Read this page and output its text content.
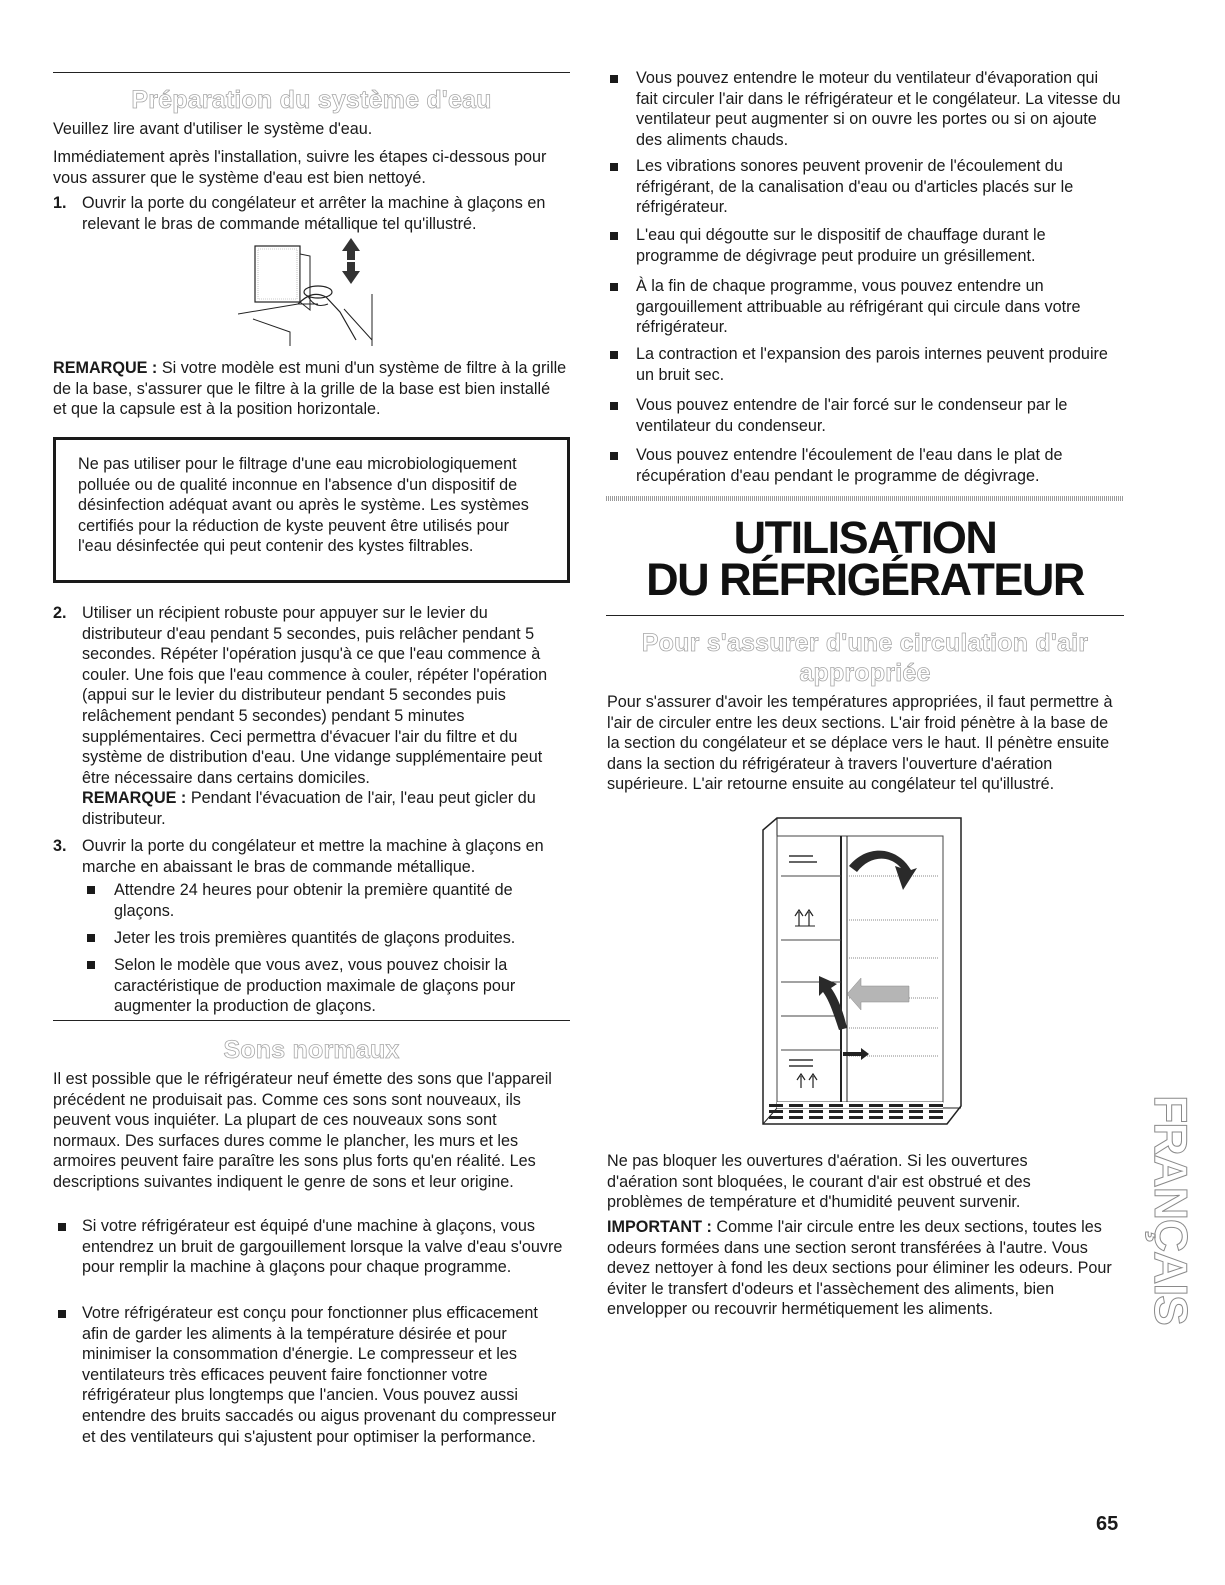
Préparation du système d'eau

Veuillez lire avant d'utiliser le système d'eau.

Immédiatement après l'installation, suivre les étapes ci-dessous pour vous assurer que le système d'eau est bien nettoyé.

1. Ouvrir la porte du congélateur et arrêter la machine à glaçons en relevant le bras de commande métallique tel qu'illustré.

REMARQUE : Si votre modèle est muni d'un système de filtre à la grille de la base, s'assurer que le filtre à la grille de la base est bien installé et que la capsule est à la position horizontale.

Ne pas utiliser pour le filtrage d'une eau microbiologiquement polluée ou de qualité inconnue en l'absence d'un dispositif de désinfection adéquat avant ou après le système. Les systèmes certifiés pour la réduction de kyste peuvent être utilisés pour l'eau désinfectée qui peut contenir des kystes filtrables.

2. Utiliser un récipient robuste pour appuyer sur le levier du distributeur d'eau pendant 5 secondes, puis relâcher pendant 5 secondes. Répéter l'opération jusqu'à ce que l'eau commence à couler. Une fois que l'eau commence à couler, répéter l'opération (appui sur le levier du distributeur pendant 5 secondes puis relâchement pendant 5 secondes) pendant 5 minutes supplémentaires. Ceci permettra d'évacuer l'air du filtre et du système de distribution d'eau. Une vidange supplémentaire peut être nécessaire dans certains domiciles.

REMARQUE : Pendant l'évacuation de l'air, l'eau peut gicler du distributeur.

3. Ouvrir la porte du congélateur et mettre la machine à glaçons en marche en abaissant le bras de commande métallique.

Attendre 24 heures pour obtenir la première quantité de glaçons.

Jeter les trois premières quantités de glaçons produites.

Selon le modèle que vous avez, vous pouvez choisir la caractéristique de production maximale de glaçons pour augmenter la production de glaçons.

Sons normaux

Il est possible que le réfrigérateur neuf émette des sons que l'appareil précédent ne produisait pas. Comme ces sons sont nouveaux, ils peuvent vous inquiéter. La plupart de ces nouveaux sons sont normaux. Des surfaces dures comme le plancher, les murs et les armoires peuvent faire paraître les sons plus forts qu'en réalité. Les descriptions suivantes indiquent le genre de sons et leur origine.

Si votre réfrigérateur est équipé d'une machine à glaçons, vous entendrez un bruit de gargouillement lorsque la valve d'eau s'ouvre pour remplir la machine à glaçons pour chaque programme.

Votre réfrigérateur est conçu pour fonctionner plus efficacement afin de garder les aliments à la température désirée et pour minimiser la consommation d'énergie. Le compresseur et les ventilateurs très efficaces peuvent faire fonctionner votre réfrigérateur plus longtemps que l'ancien. Vous pouvez aussi entendre des bruits saccadés ou aigus provenant du compresseur et des ventilateurs qui s'ajustent pour optimiser la performance.

Vous pouvez entendre le moteur du ventilateur d'évaporation qui fait circuler l'air dans le réfrigérateur et le congélateur. La vitesse du ventilateur peut augmenter si on ouvre les portes ou si on ajoute des aliments chauds.

Les vibrations sonores peuvent provenir de l'écoulement du réfrigérant, de la canalisation d'eau ou d'articles placés sur le réfrigérateur.

L'eau qui dégoutte sur le dispositif de chauffage durant le programme de dégivrage peut produire un grésillement.

À la fin de chaque programme, vous pouvez entendre un gargouillement attribuable au réfrigérant qui circule dans votre réfrigérateur.

La contraction et l'expansion des parois internes peuvent produire un bruit sec.

Vous pouvez entendre de l'air forcé sur le condenseur par le ventilateur du condenseur.

Vous pouvez entendre l'écoulement de l'eau dans le plat de récupération d'eau pendant le programme de dégivrage.

UTILISATION
DU RÉFRIGÉRATEUR
Pour s'assurer d'une circulation d'air
appropriée

Pour s'assurer d'avoir les températures appropriées, il faut permettre à l'air de circuler entre les deux sections. L'air froid pénètre à la base de la section du congélateur et se déplace vers le haut. Il pénètre ensuite dans la section du réfrigérateur à travers l'ouverture d'aération supérieure. L'air retourne ensuite au congélateur tel qu'illustré.

Ne pas bloquer les ouvertures d'aération. Si les ouvertures d'aération sont bloquées, le courant d'air est obstrué et des problèmes de température et d'humidité peuvent survenir.

IMPORTANT : Comme l'air circule entre les deux sections, toutes les odeurs formées dans une section seront transférées à l'autre. Vous devez nettoyer à fond les deux sections pour éliminer les odeurs. Pour éviter le transfert d'odeurs et l'assèchement des aliments, bien envelopper ou recouvrir hermétiquement les aliments.	FRANÇAIS
65
